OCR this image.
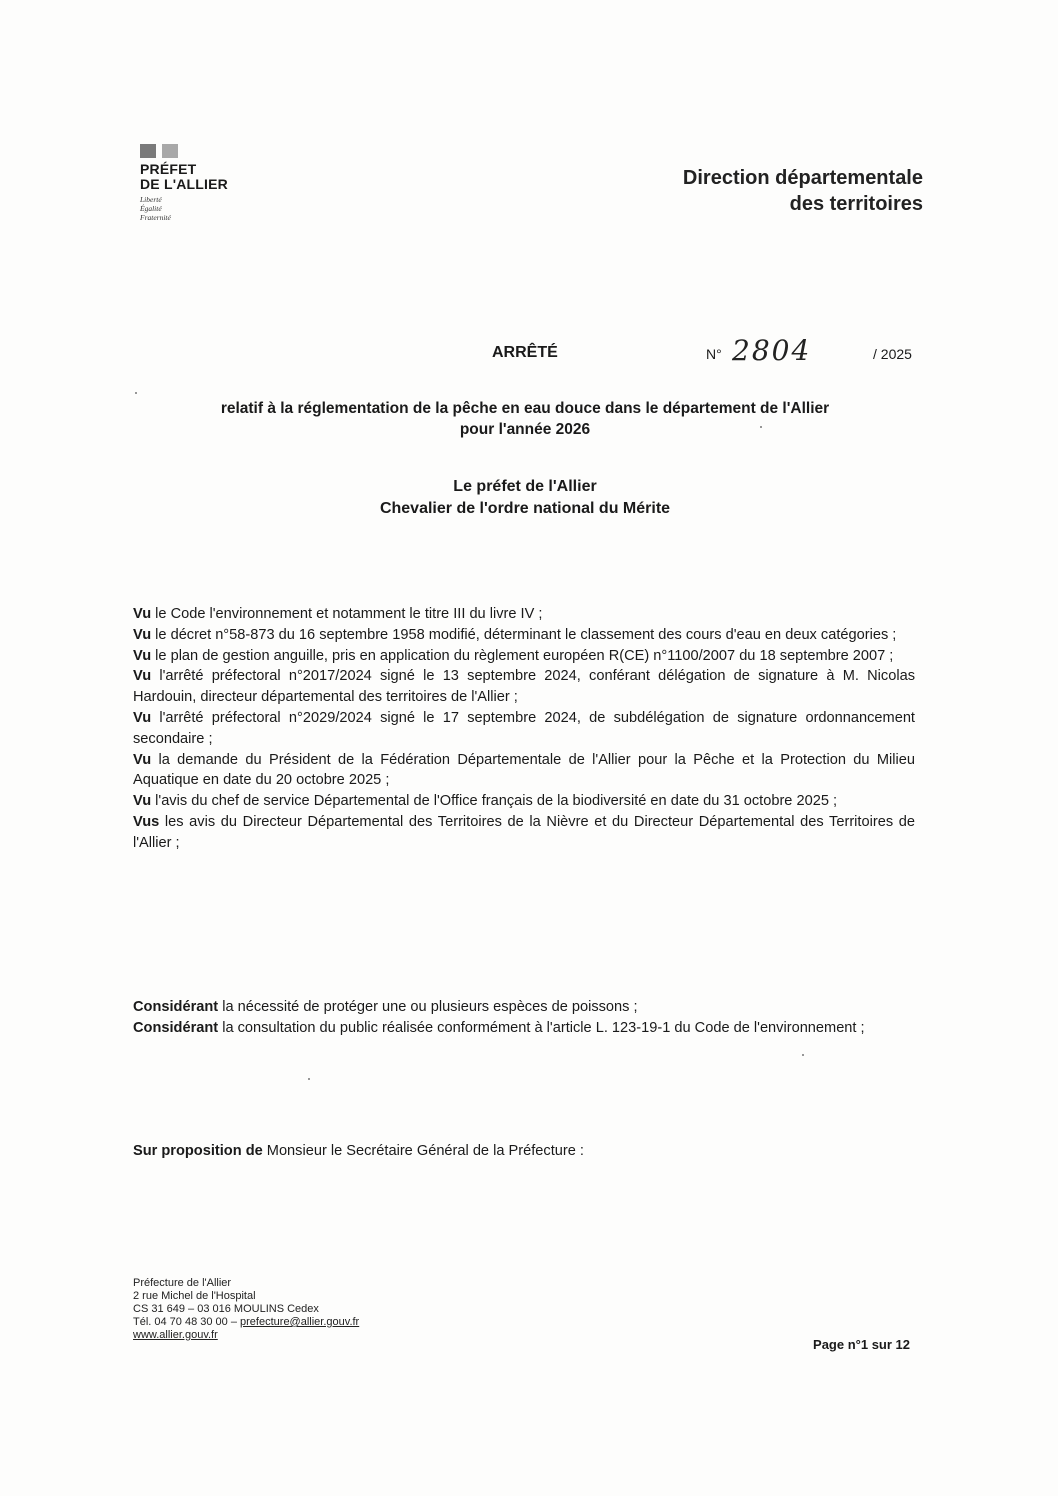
PRÉFET
DE L'ALLIER
Liberté
Égalité
Fraternité
Direction départementale
des territoires
ARRÊTÉ	N° 2804	/ 2025
relatif à la réglementation de la pêche en eau douce dans le département de l'Allier
pour l'année 2026
Le préfet de l'Allier
Chevalier de l'ordre national du Mérite

Vu le Code l'environnement et notamment le titre III du livre IV ;

Vu le décret n°58-873 du 16 septembre 1958 modifié, déterminant le classement des cours d'eau en deux catégories ;

Vu le plan de gestion anguille, pris en application du règlement européen R(CE) n°1100/2007 du 18 septembre 2007 ;

Vu l'arrêté préfectoral n°2017/2024 signé le 13 septembre 2024, conférant délégation de signature à M. Nicolas Hardouin, directeur départemental des territoires de l'Allier ;

Vu l'arrêté préfectoral n°2029/2024 signé le 17 septembre 2024, de subdélégation de signature ordonnancement secondaire ;

Vu la demande du Président de la Fédération Départementale de l'Allier pour la Pêche et la Protection du Milieu Aquatique en date du 20 octobre 2025 ;

Vu l'avis du chef de service Départemental de l'Office français de la biodiversité en date du 31 octobre 2025 ;

Vus les avis du Directeur Départemental des Territoires de la Nièvre et du Directeur Départemental des Territoires de l'Allier ;

Considérant la nécessité de protéger une ou plusieurs espèces de poissons ;

Considérant la consultation du public réalisée conformément à l'article L. 123-19-1 du Code de l'environnement ;

Sur proposition de Monsieur le Secrétaire Général de la Préfecture :

Préfecture de l'Allier
2 rue Michel de l'Hospital
CS 31 649 – 03 016 MOULINS Cedex
Tél. 04 70 48 30 00 – prefecture@allier.gouv.fr
www.allier.gouv.fr
Page n°1 sur 12
